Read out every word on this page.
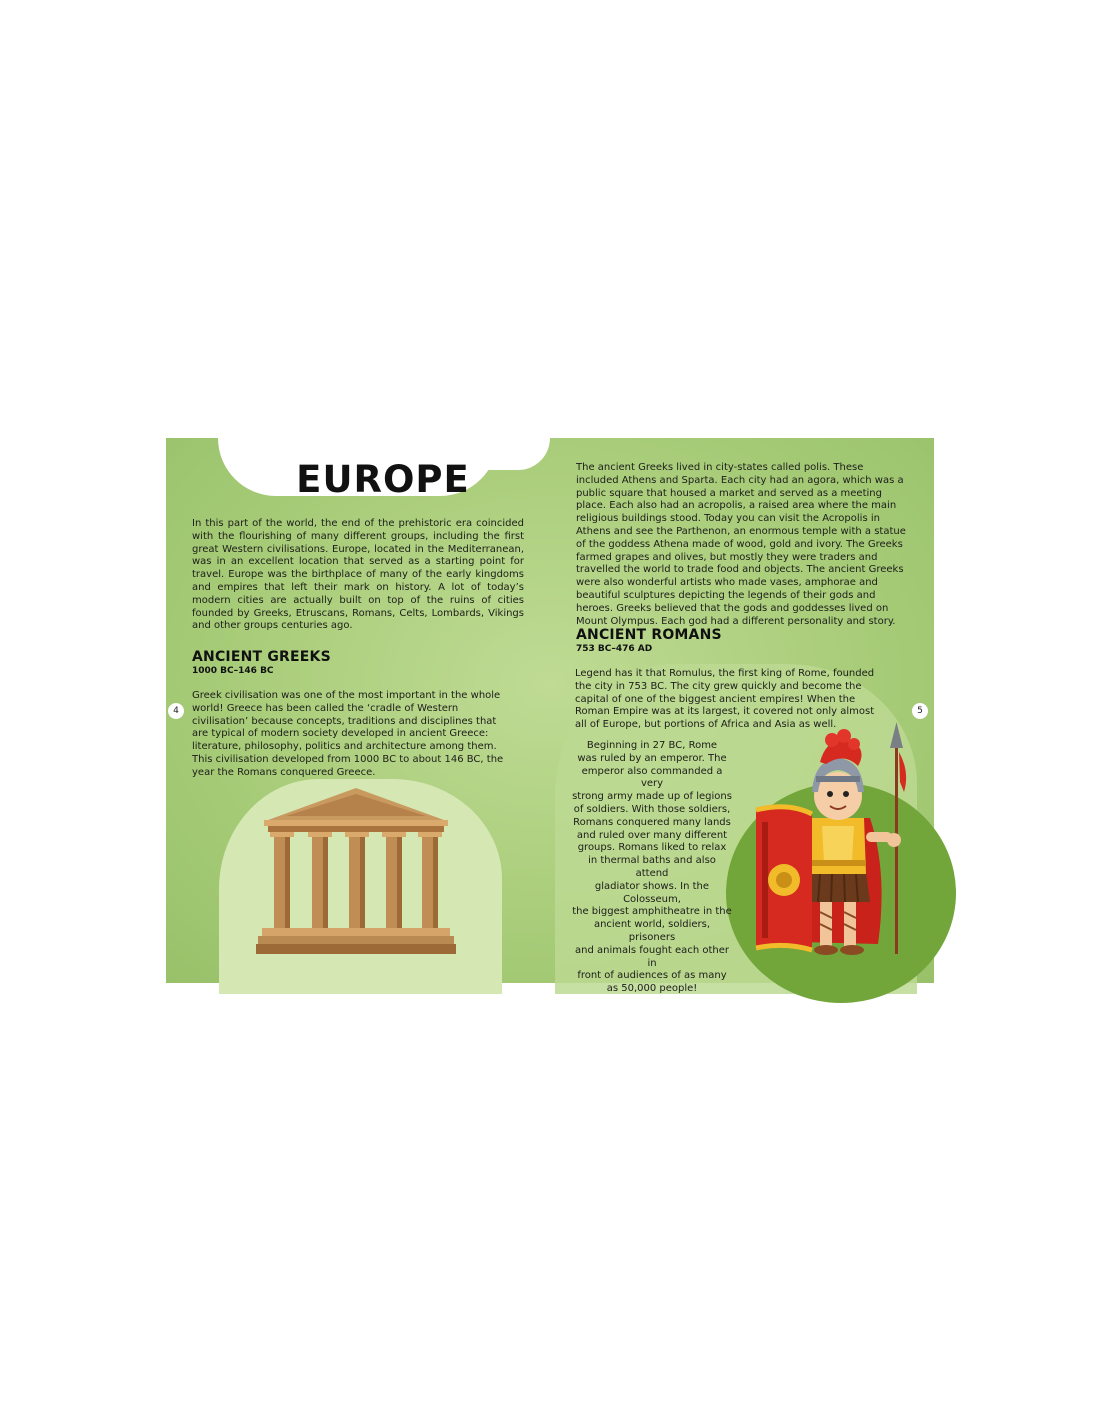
EUROPE

In this part of the world, the end of the prehistoric era coincided with the flourishing of many different groups, including the first great Western civilisations. Europe, located in the Mediterranean, was in an excellent location that served as a starting point for travel. Europe was the birthplace of many of the early kingdoms and empires that left their mark on history. A lot of today’s modern cities are actually built on top of the ruins of cities founded by Greeks, Etruscans, Romans, Celts, Lombards, Vikings and other groups centuries ago.

ANCIENT GREEKS

1000 BC–146 BC

Greek civilisation was one of the most important in the whole world! Greece has been called the ‘cradle of Western civilisation’ because concepts, traditions and disciplines that are typical of modern society developed in ancient Greece: literature, philosophy, politics and architecture among them. This civilisation developed from 1000 BC to about 146 BC, the year the Romans conquered Greece.

4

The ancient Greeks lived in city-states called polis. These included Athens and Sparta. Each city had an agora, which was a public square that housed a market and served as a meeting place. Each also had an acropolis, a raised area where the main religious buildings stood. Today you can visit the Acropolis in Athens and see the Parthenon, an enormous temple with a statue of the goddess Athena made of wood, gold and ivory. The Greeks farmed grapes and olives, but mostly they were traders and travelled the world to trade food and objects. The ancient Greeks were also wonderful artists who made vases, amphorae and beautiful sculptures depicting the legends of their gods and heroes. Greeks believed that the gods and goddesses lived on Mount Olympus. Each god had a different personality and story.

ANCIENT ROMANS

753 BC–476 AD

Legend has it that Romulus, the first king of Rome, founded the city in 753 BC. The city grew quickly and become the capital of one of the biggest ancient empires! When the Roman Empire was at its largest, it covered not only almost all of Europe, but portions of Africa and Asia as well.

Beginning in 27 BC, Rome
was ruled by an emperor. The
emperor also commanded a very
strong army made up of legions
of soldiers. With those soldiers,
Romans conquered many lands
and ruled over many different
groups. Romans liked to relax
in thermal baths and also attend
gladiator shows. In the Colosseum,
the biggest amphitheatre in the
ancient world, soldiers, prisoners
and animals fought each other in
front of audiences of as many
as 50,000 people!

5
